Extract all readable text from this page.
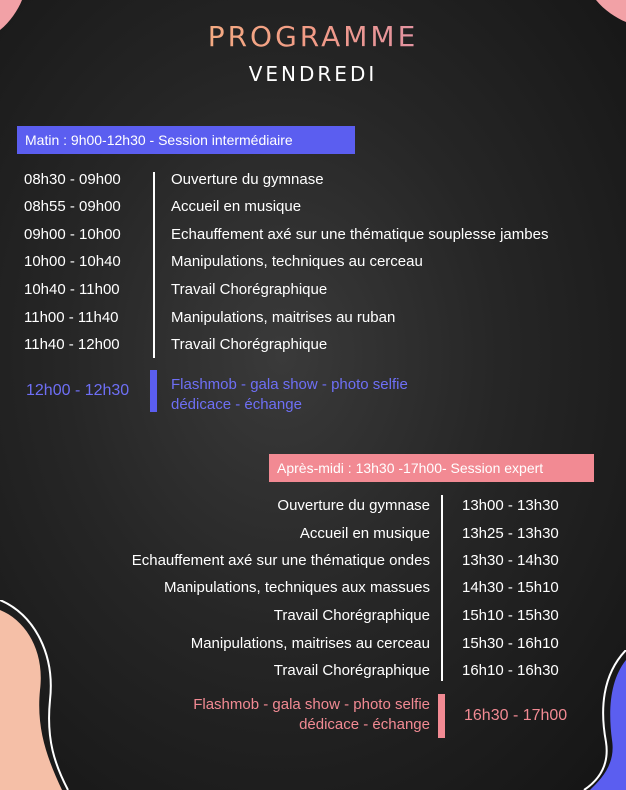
PROGRAMME
VENDREDI
Matin : 9h00-12h30 - Session intermédiaire
08h30 - 09h00	Ouverture du gymnase
08h55 - 09h00	Accueil en musique
09h00 - 10h00	Echauffement axé sur une thématique souplesse jambes
10h00 - 10h40	Manipulations, techniques au cerceau
10h40 - 11h00	Travail Chorégraphique
11h00 - 11h40	Manipulations, maitrises au ruban
11h40 - 12h00	Travail Chorégraphique
12h00 - 12h30	Flashmob - gala show - photo selfie
dédicace - échange
Après-midi : 13h30 -17h00- Session expert
Ouverture du gymnase 13h00 - 13h30
Accueil en musique 13h25 - 13h30
Echauffement axé sur une thématique ondes 13h30 - 14h30
Manipulations, techniques aux massues 14h30 - 15h10
Travail Chorégraphique 15h10 - 15h30
Manipulations, maitrises au cerceau 15h30 - 16h10
Travail Chorégraphique 16h10 - 16h30
Flashmob - gala show - photo selfie
dédicace - échange
16h30 - 17h00
